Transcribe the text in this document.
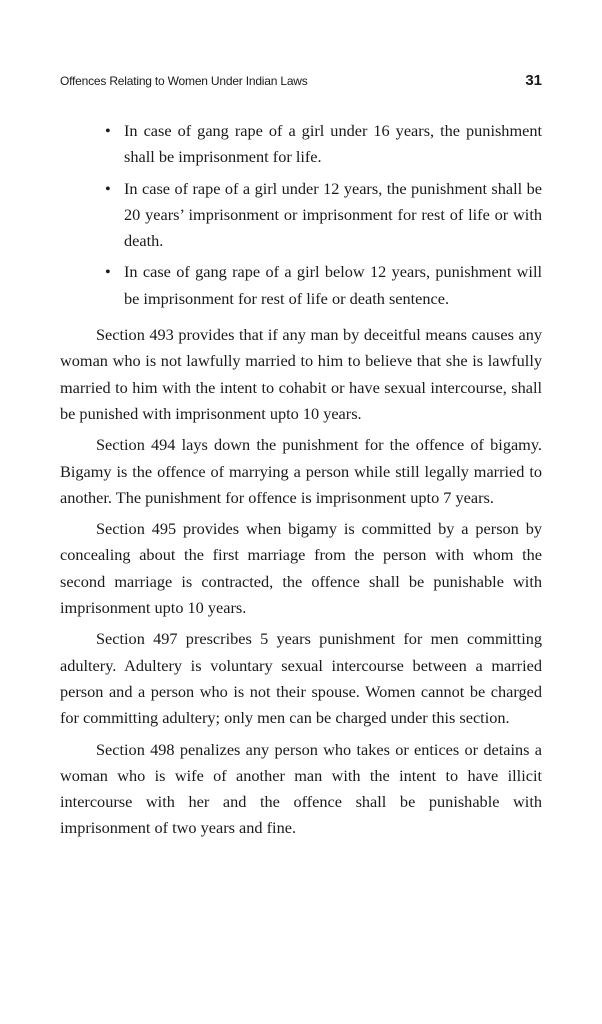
Offences Relating to Women Under Indian Laws	31
• In case of gang rape of a girl under 16 years, the punishment shall be imprisonment for life.
• In case of rape of a girl under 12 years, the punishment shall be 20 years’ imprisonment or imprisonment for rest of life or with death.
• In case of gang rape of a girl below 12 years, punishment will be imprisonment for rest of life or death sentence.

Section 493 provides that if any man by deceitful means causes any woman who is not lawfully married to him to believe that she is lawfully married to him with the intent to cohabit or have sexual intercourse, shall be punished with imprisonment upto 10 years.

Section 494 lays down the punishment for the offence of bigamy. Bigamy is the offence of marrying a person while still legally married to another. The punishment for offence is imprisonment upto 7 years.

Section 495 provides when bigamy is committed by a person by concealing about the first marriage from the person with whom the second marriage is contracted, the offence shall be punishable with imprisonment upto 10 years.

Section 497 prescribes 5 years punishment for men committing adultery. Adultery is voluntary sexual intercourse between a married person and a person who is not their spouse. Women cannot be charged for committing adultery; only men can be charged under this section.

Section 498 penalizes any person who takes or entices or detains a woman who is wife of another man with the intent to have illicit intercourse with her and the offence shall be punishable with imprisonment of two years and fine.
